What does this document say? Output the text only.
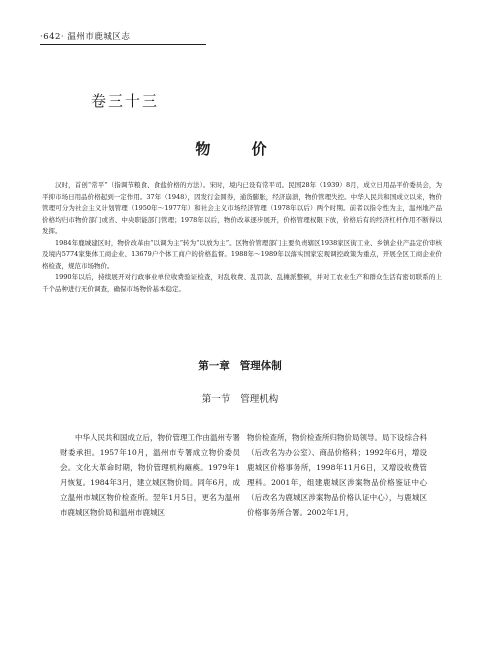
·642· 温州市鹿城区志
卷三十三
物 价

汉时，首创“常平”（指调节粮食、食盐价格的方法）。宋时，境内已设有常平司。民国28年（1939）8月，成立日用品平价委员会，为平抑市场日用品价格起到一定作用。37年（1948），因发行金圆券，通货膨胀，经济崩溃，物价管理失控。中华人民共和国成立以来，物价管理可分为社会主义计划管理（1950年～1977年）和社会主义市场经济管理（1978年以后）两个时期。前者以指令性为主，温州地产品价格均归市物价部门或省、中央职能部门管理；1978年以后，物价改革逐步展开，价格管理权限下放，价格后有的经济杠杆作用不断得以发挥。

1984年鹿城建区时，物价改革由“以调为主”转为“以放为主”。区物价管理部门主要负责辖区1938家区街工业、乡镇企业产品定价审核及境内5774家集体工商企业、13679户个体工商户的价格监督。1988年～1989年以落实国家宏观调控政策为重点，开展全区工商企业价格检查，规范市场物价。

1990年以后，持续展开对行政事业单位收费验证检查，对乱收费、乱罚款、乱摊派整顿，并对工农业生产和群众生活有密切联系的上千个品种进行无价调查，确保市场物价基本稳定。

第一章 管理体制
第一节 管理机构

中华人民共和国成立后，物价管理工作由温州专署财委承担。1957年10月，温州市专署成立物价委员会。文化大革命时期，物价管理机构瘫痪。1979年1月恢复。1984年3月，建立城区物价局。同年6月，成立温州市城区物价检查所。翌年1月5日，更名为温州市鹿城区物价局和温州市鹿城区

物价检查所，物价检查所归物价局领导。局下设综合科（后改名为办公室）、商品价格科；1992年6月，增设鹿城区价格事务所，1998年11月6日，又增设收费管理科。2001年，组建鹿城区涉案物品价格鉴证中心（后改名为鹿城区涉案物品价格认证中心），与鹿城区价格事务所合署。2002年1月，
